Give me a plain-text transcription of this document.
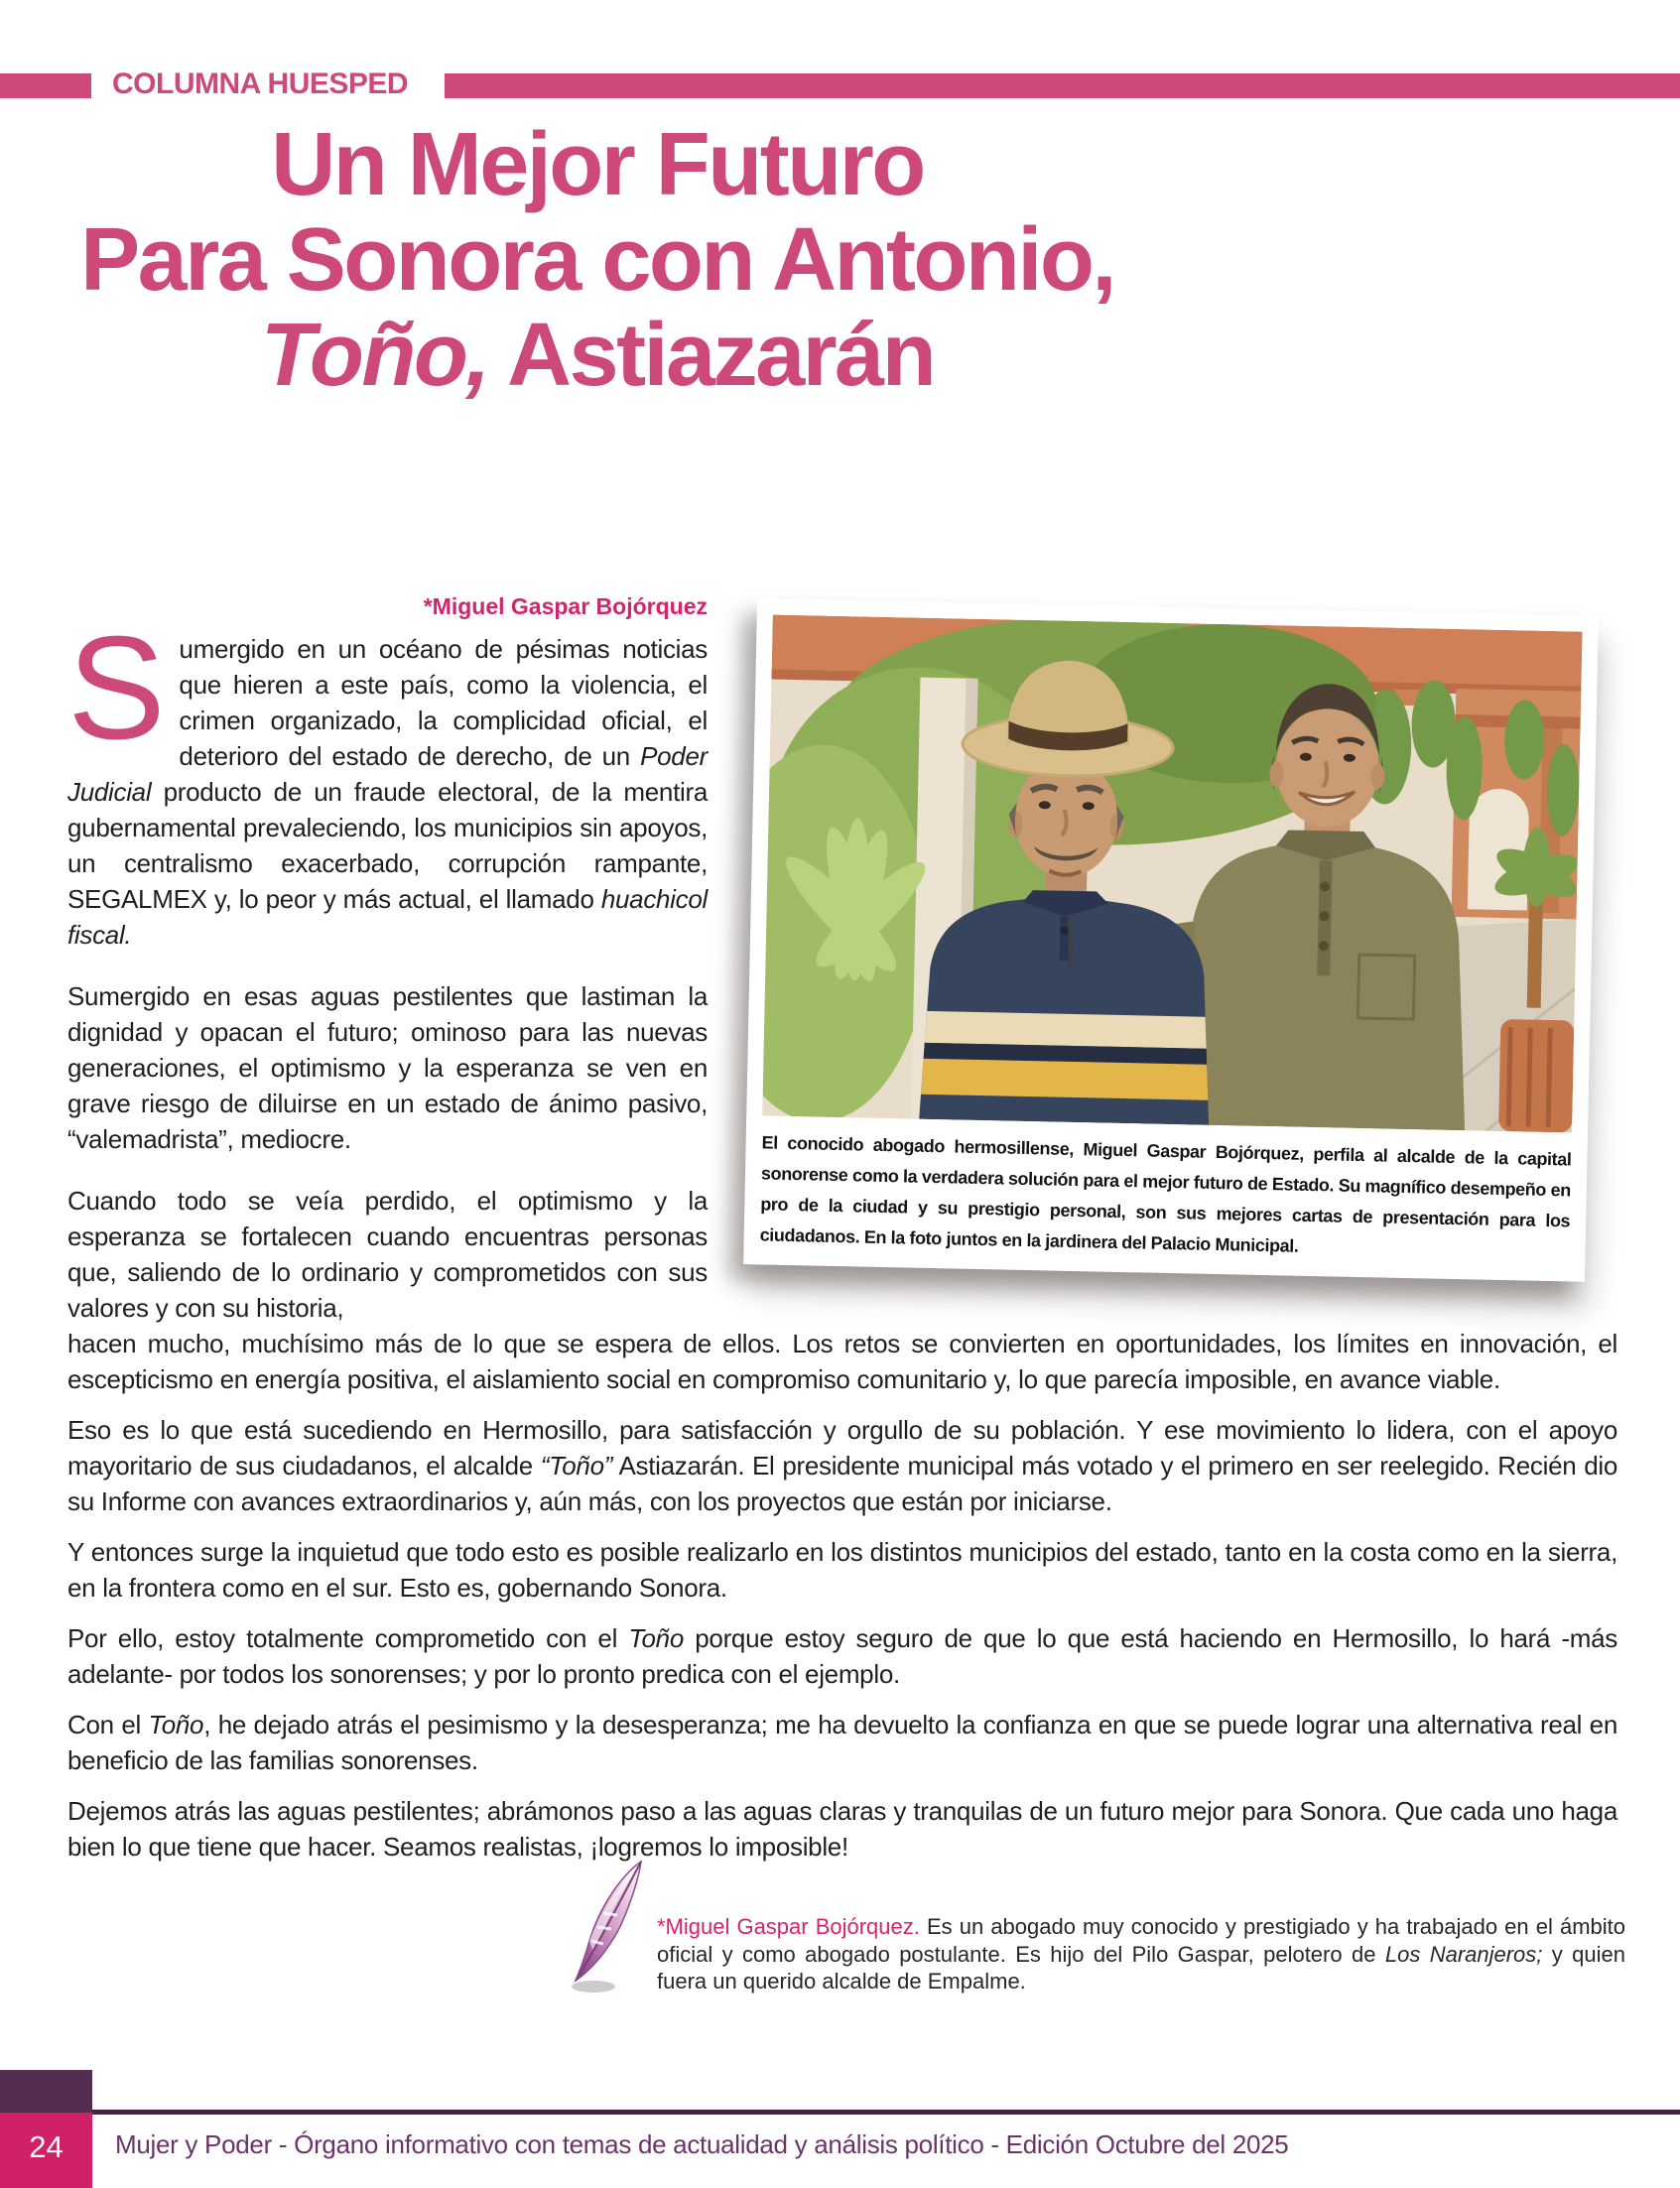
COLUMNA HUESPED
Un Mejor Futuro
Para Sonora con Antonio,
Toño, Astiazarán
*Miguel Gaspar Bojórquez

Sumergido en un océano de pésimas noticias que hieren a este país, como la violencia, el crimen organizado, la complicidad oficial, el deterioro del estado de derecho, de un Poder Judicial producto de un fraude electoral, de la mentira gubernamental prevaleciendo, los municipios sin apoyos, un centralismo exacerbado, corrupción rampante, SEGALMEX y, lo peor y más actual, el llamado huachicol fiscal.

Sumergido en esas aguas pestilentes que lastiman la dignidad y opacan el futuro; ominoso para las nuevas generaciones, el optimismo y la esperanza se ven en grave riesgo de diluirse en un estado de ánimo pasivo, “valemadrista”, mediocre.

Cuando todo se veía perdido, el optimismo y la esperanza se fortalecen cuando encuentras personas que, saliendo de lo ordinario y comprometidos con sus valores y con su historia,

El conocido abogado hermosillense, Miguel Gaspar Bojórquez, perfila al alcalde de la capital sonorense como la verdadera solución para el mejor futuro de Estado. Su magnífico desempeño en pro de la ciudad y su prestigio personal, son sus mejores cartas de presentación para los ciudadanos. En la foto juntos en la jardinera del Palacio Municipal.

hacen mucho, muchísimo más de lo que se espera de ellos. Los retos se convierten en oportunidades, los límites en innovación, el escepticismo en energía positiva, el aislamiento social en compromiso comunitario y, lo que parecía imposible, en avance viable.

Eso es lo que está sucediendo en Hermosillo, para satisfacción y orgullo de su población. Y ese movimiento lo lidera, con el apoyo mayoritario de sus ciudadanos, el alcalde “Toño” Astiazarán. El presidente municipal más votado y el primero en ser reelegido. Recién dio su Informe con avances extraordinarios y, aún más, con los proyectos que están por iniciarse.

Y entonces surge la inquietud que todo esto es posible realizarlo en los distintos municipios del estado, tanto en la costa como en la sierra, en la frontera como en el sur. Esto es, gobernando Sonora.

Por ello, estoy totalmente comprometido con el Toño porque estoy seguro de que lo que está haciendo en Hermosillo, lo hará -más adelante- por todos los sonorenses; y por lo pronto predica con el ejemplo.

Con el Toño, he dejado atrás el pesimismo y la desesperanza; me ha devuelto la confianza en que se puede lograr una alternativa real en beneficio de las familias sonorenses.

Dejemos atrás las aguas pestilentes; abrámonos paso a las aguas claras y tranquilas de un futuro mejor para Sonora. Que cada uno haga bien lo que tiene que hacer. Seamos realistas, ¡logremos lo imposible!

*Miguel Gaspar Bojórquez. Es un abogado muy conocido y prestigiado y ha trabajado en el ámbito oficial y como abogado postulante. Es hijo del Pilo Gaspar, pelotero de Los Naranjeros; y quien fuera un querido alcalde de Empalme.
24	Mujer y Poder - Órgano informativo con temas de actualidad y análisis político - Edición Octubre del 2025
